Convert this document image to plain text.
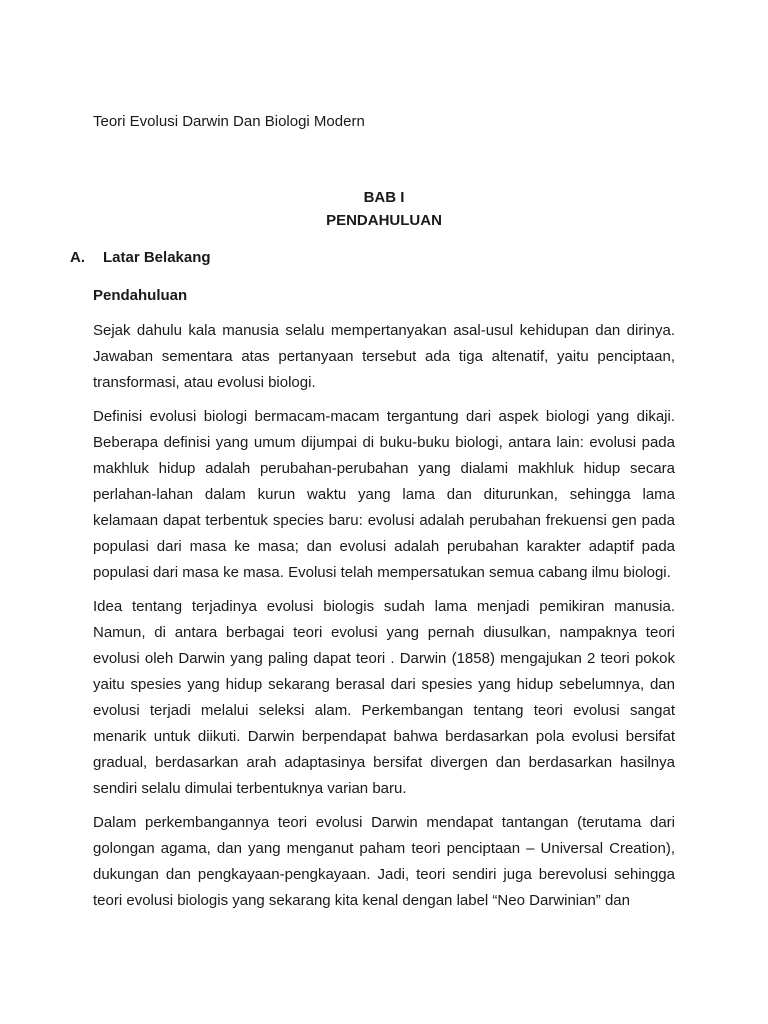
Teori Evolusi Darwin Dan Biologi Modern
BAB I
PENDAHULUAN
A. Latar Belakang
Pendahuluan

Sejak dahulu kala manusia selalu mempertanyakan asal-usul kehidupan dan dirinya. Jawaban sementara atas pertanyaan tersebut ada tiga altenatif, yaitu penciptaan, transformasi, atau evolusi biologi.

Definisi evolusi biologi bermacam-macam tergantung dari aspek biologi yang dikaji. Beberapa definisi yang umum dijumpai di buku-buku biologi, antara lain: evolusi pada makhluk hidup adalah perubahan-perubahan yang dialami makhluk hidup secara perlahan-lahan dalam kurun waktu yang lama dan diturunkan, sehingga lama kelamaan dapat terbentuk species baru: evolusi adalah perubahan frekuensi gen pada populasi dari masa ke masa; dan evolusi adalah perubahan karakter adaptif pada populasi dari masa ke masa. Evolusi telah mempersatukan semua cabang ilmu biologi.

Idea tentang terjadinya evolusi biologis sudah lama menjadi pemikiran manusia. Namun, di antara berbagai teori evolusi yang pernah diusulkan, nampaknya teori evolusi oleh Darwin yang paling dapat teori . Darwin (1858) mengajukan 2 teori pokok yaitu spesies yang hidup sekarang berasal dari spesies yang hidup sebelumnya, dan evolusi terjadi melalui seleksi alam. Perkembangan tentang teori evolusi sangat menarik untuk diikuti. Darwin berpendapat bahwa berdasarkan pola evolusi bersifat gradual, berdasarkan arah adaptasinya bersifat divergen dan berdasarkan hasilnya sendiri selalu dimulai terbentuknya varian baru.

Dalam perkembangannya teori evolusi Darwin mendapat tantangan (terutama dari golongan agama, dan yang menganut paham teori penciptaan – Universal Creation), dukungan dan pengkayaan-pengkayaan. Jadi, teori sendiri juga berevolusi sehingga teori evolusi biologis yang sekarang kita kenal dengan label “Neo Darwinian” dan
